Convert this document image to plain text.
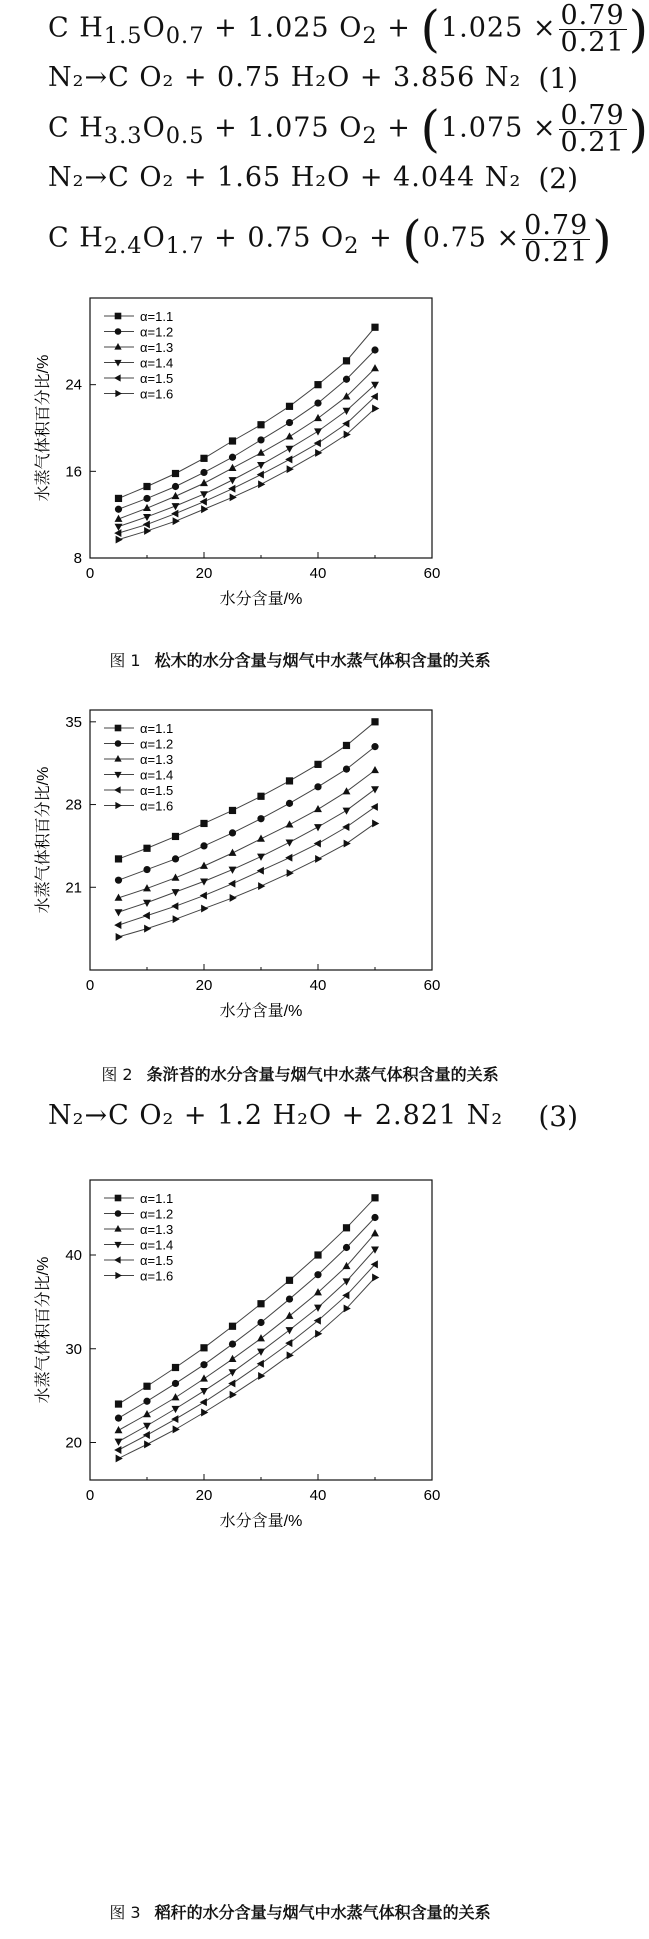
C $H_{1.5}O_{0.7} + 1.025$ $O_2 + (1.025 \times \frac{0.79}{0.21}$ )
N₂→C O₂ + 0.75 H₂O + 3.856 N₂ (1)
C $H_{3.3}O_{0.5} + 1.075$ $O_2 + (1.075 \times \frac{0.79}{0.21}$ )
N₂→C O₂ + 1.65 H₂O + 4.044 N₂ (2)
C $H_{2.4}O_{1.7} + 0.75$ $O_2 + (0.75 \times \frac{0.79}{0.21}$ )
0	20	40	60
8
16
24
水分含量/%
水蒸气体积百分比/%
α=1.1
α=1.2
α=1.3
α=1.4
α=1.5
α=1.6
图 1 松木的水分含量与烟气中水蒸气体积含量的关系
0	20	40	60
21
28
35
水分含量/%
水蒸气体积百分比/%
α=1.1
α=1.2
α=1.3
α=1.4
α=1.5
α=1.6
图 2 条浒苔的水分含量与烟气中水蒸气体积含量的关系
N₂→C O₂ + 1.2 H₂O + 2.821 N₂ (3)
0	20	40	60
20
30
40
水分含量/%
水蒸气体积百分比/%
α=1.1
α=1.2
α=1.3
α=1.4
α=1.5
α=1.6
图 3 稻秆的水分含量与烟气中水蒸气体积含量的关系
